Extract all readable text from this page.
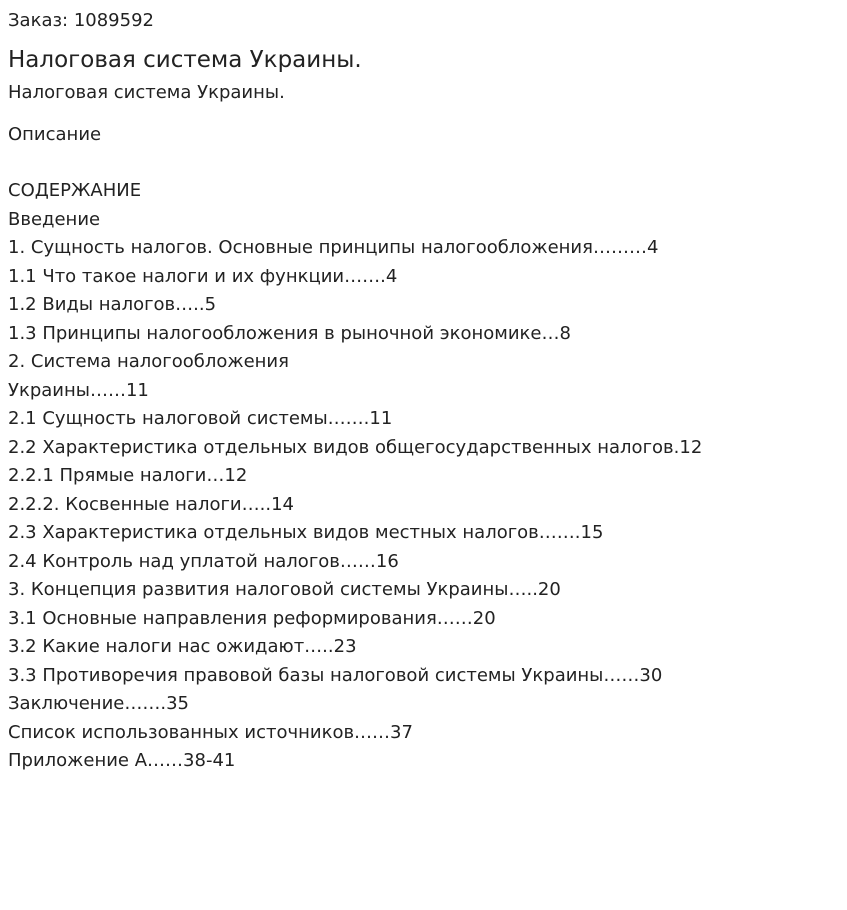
Заказ: 1089592
Налоговая система Украины.
Налоговая система Украины.
Описание
СОДЕРЖАНИЕ
Введение
1. Сущность налогов. Основные принципы налогообложения………4
1.1 Что такое налоги и их функции…….4
1.2 Виды налогов…..5
1.3 Принципы налогообложения в рыночной экономике…8
2. Система налогообложения
Украины……11
2.1 Сущность налоговой системы…….11
2.2 Характеристика отдельных видов общегосударственных налогов.12
2.2.1 Прямые налоги…12
2.2.2. Косвенные налоги…..14
2.3 Характеристика отдельных видов местных налогов…….15
2.4 Контроль над уплатой налогов……16
3. Концепция развития налоговой системы Украины…..20
3.1 Основные направления реформирования……20
3.2 Какие налоги нас ожидают…..23
3.3 Противоречия правовой базы налоговой системы Украины……30
Заключение…….35
Список использованных источников……37
Приложение А……38-41
